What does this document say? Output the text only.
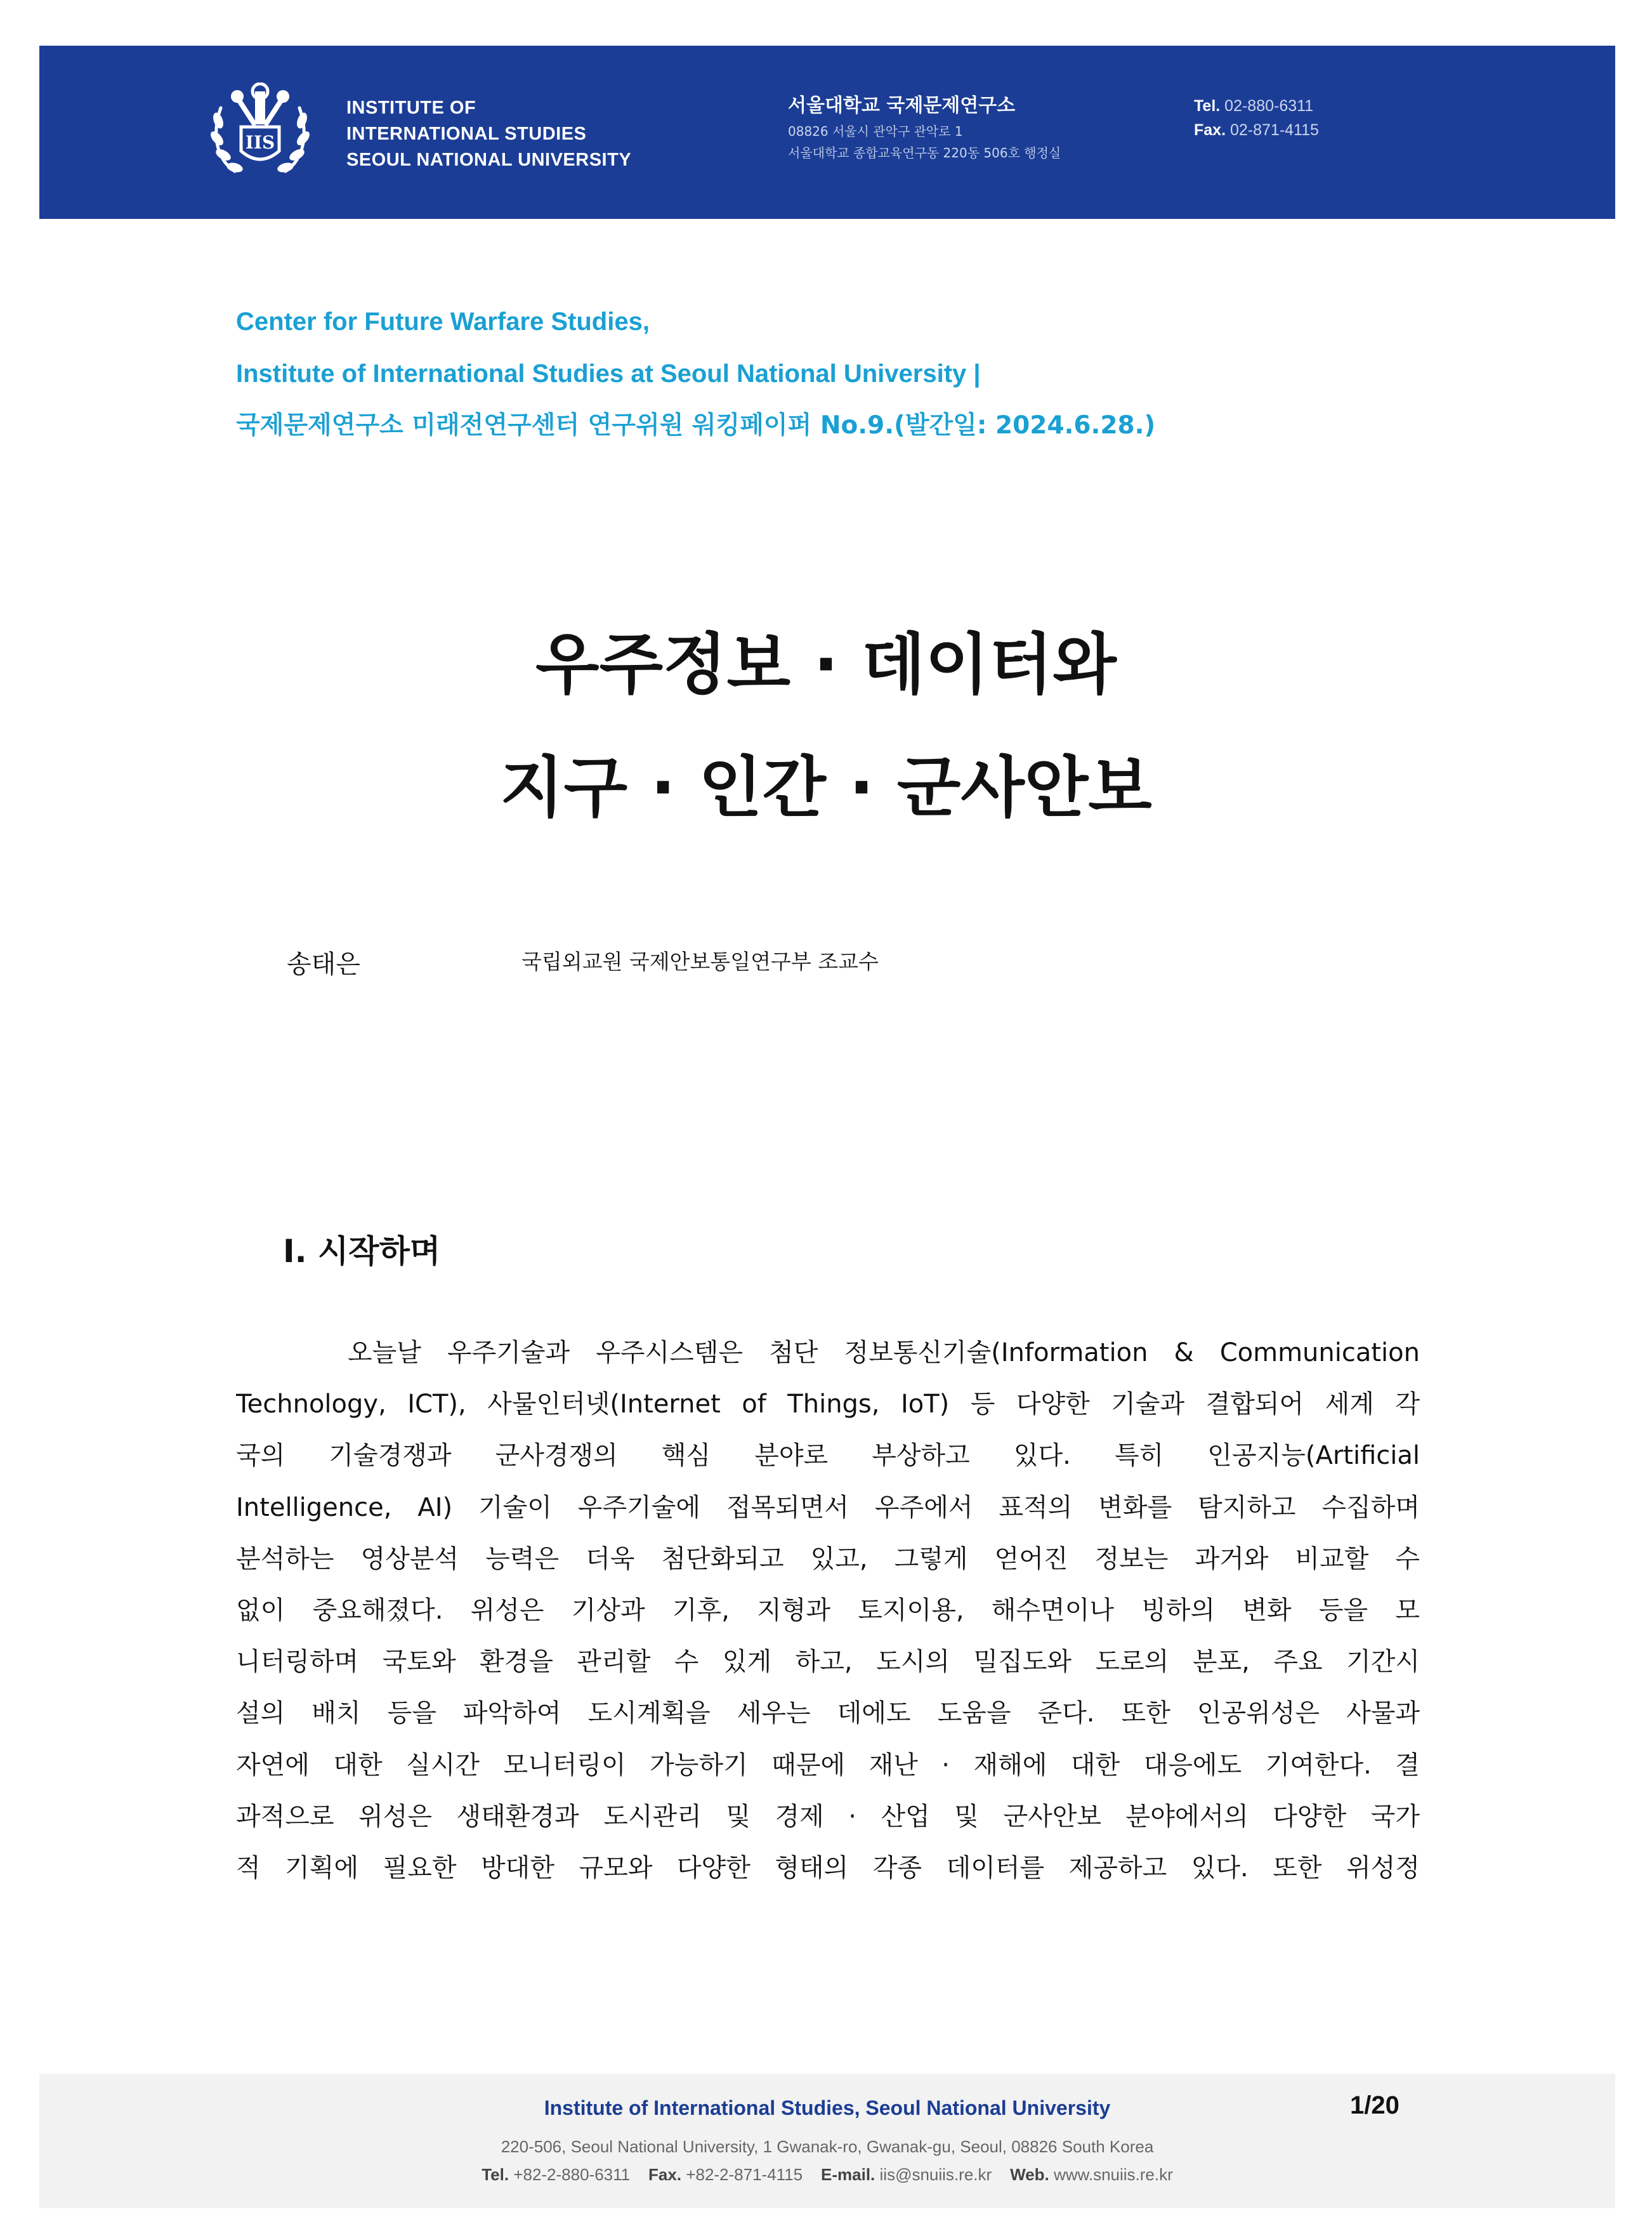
IIS
INSTITUTE OF
INTERNATIONAL STUDIES
SEOUL NATIONAL UNIVERSITY
서울대학교 국제문제연구소
08826 서울시 관악구 관악로 1
서울대학교 종합교육연구동 220동 506호 행정실
Tel. 02-880-6311
Fax. 02-871-4115
Center for Future Warfare Studies,
Institute of International Studies at Seoul National University |
국제문제연구소 미래전연구센터 연구위원 워킹페이퍼 No.9.(발간일: 2024.6.28.)
우주정보 · 데이터와
지구 · 인간 · 군사안보
송태은	국립외교원 국제안보통일연구부 조교수
I. 시작하며
오늘날 우주기술과 우주시스템은 첨단 정보통신기술(Information & Communication
Technology, ICT), 사물인터넷(Internet of Things, IoT) 등 다양한 기술과 결합되어 세계 각
국의 기술경쟁과 군사경쟁의 핵심 분야로 부상하고 있다. 특히 인공지능(Artificial
Intelligence, AI) 기술이 우주기술에 접목되면서 우주에서 표적의 변화를 탐지하고 수집하며
분석하는 영상분석 능력은 더욱 첨단화되고 있고, 그렇게 얻어진 정보는 과거와 비교할 수
없이 중요해졌다. 위성은 기상과 기후, 지형과 토지이용, 해수면이나 빙하의 변화 등을 모
니터링하며 국토와 환경을 관리할 수 있게 하고, 도시의 밀집도와 도로의 분포, 주요 기간시
설의 배치 등을 파악하여 도시계획을 세우는 데에도 도움을 준다. 또한 인공위성은 사물과
자연에 대한 실시간 모니터링이 가능하기 때문에 재난 · 재해에 대한 대응에도 기여한다. 결
과적으로 위성은 생태환경과 도시관리 및 경제 · 산업 및 군사안보 분야에서의 다양한 국가
적 기획에 필요한 방대한 규모와 다양한 형태의 각종 데이터를 제공하고 있다. 또한 위성정
Institute of International Studies, Seoul National University	1/20
220-506, Seoul National University, 1 Gwanak-ro, Gwanak-gu, Seoul, 08826 South Korea
Tel. +82-2-880-6311 Fax. +82-2-871-4115 E-mail. iis@snuiis.re.kr Web. www.snuiis.re.kr
